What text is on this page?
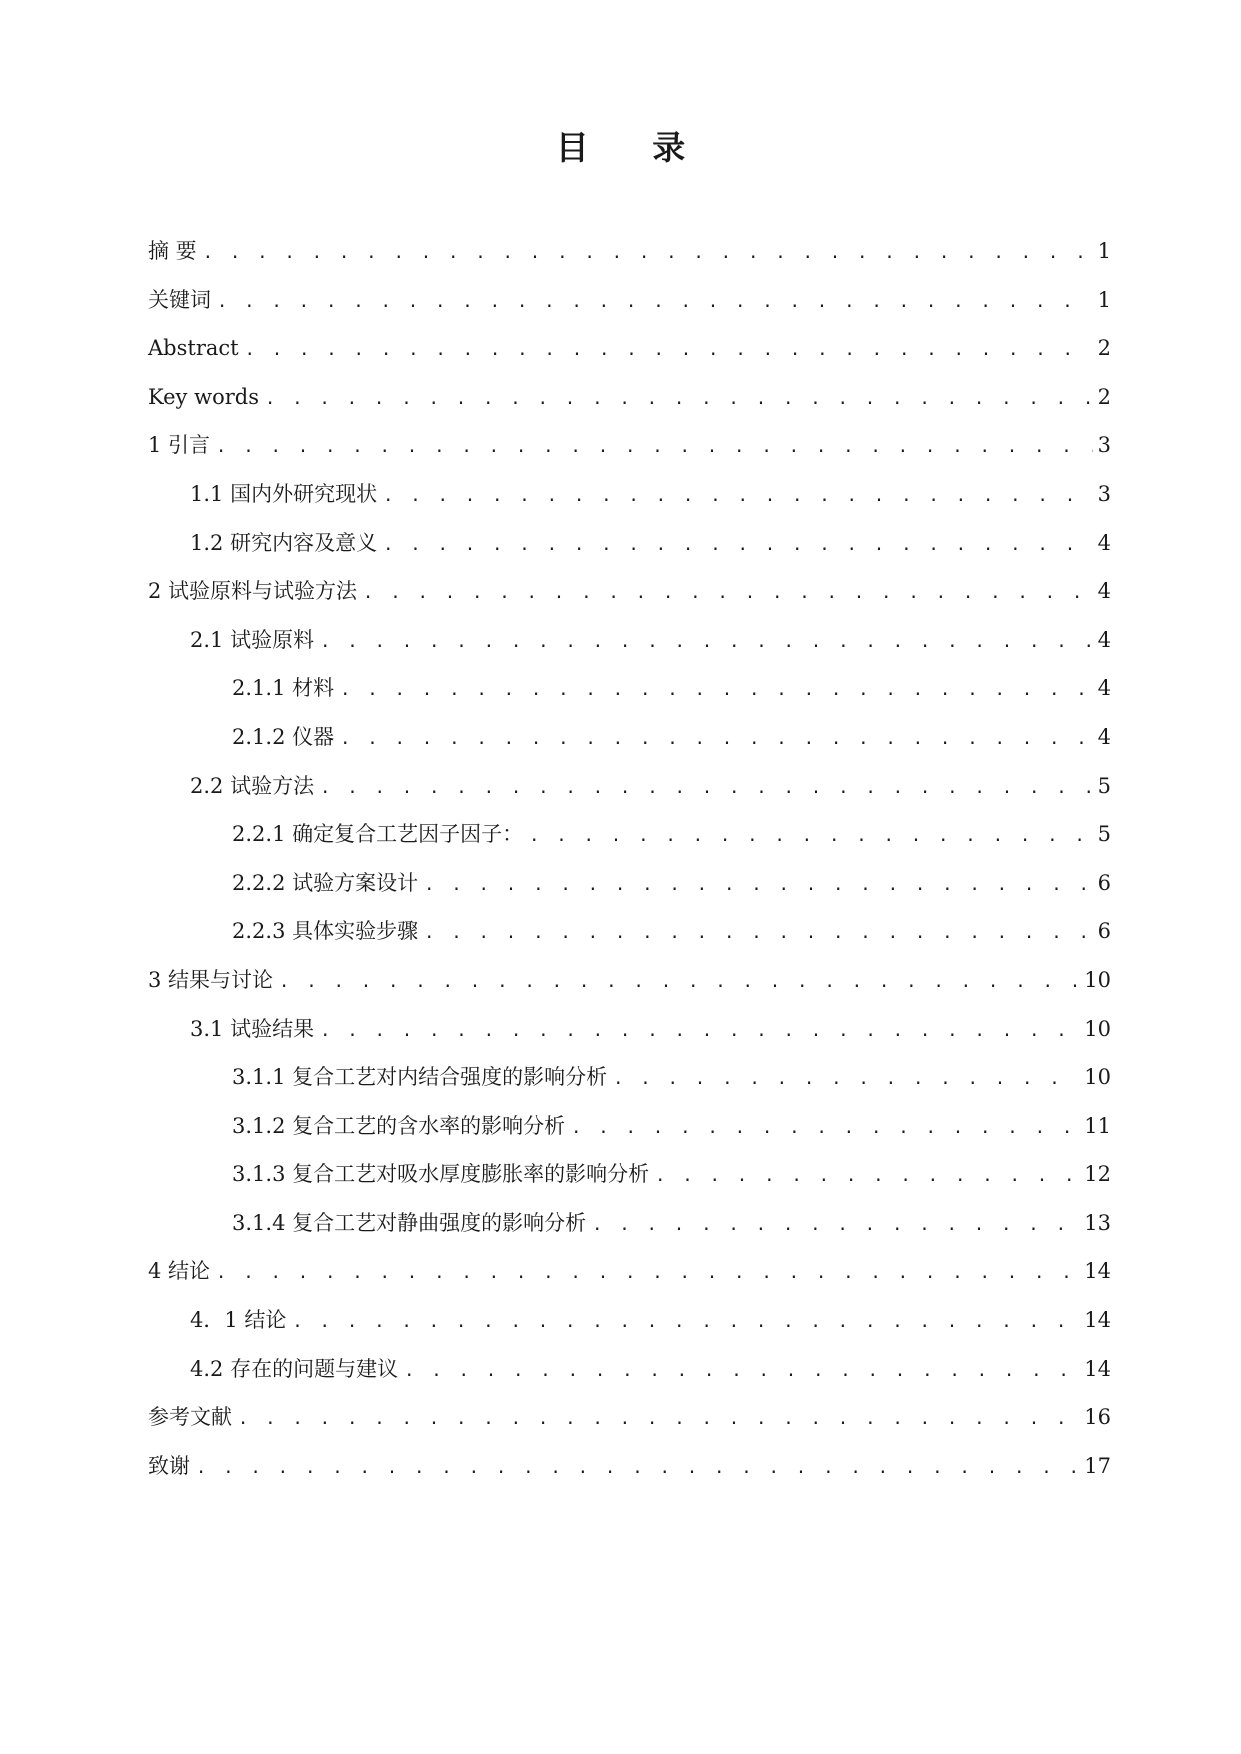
目 录
摘 要 . . .	1
关键词 . . .	1
Abstract . . .	2
Key words . . .	2
1 引言 . . .	3
1.1 国内外研究现状 . . .	3
1.2 研究内容及意义 . . .	4
2 试验原料与试验方法 . . .	4
2.1 试验原料 . . .	4
2.1.1 材料 . . .	4
2.1.2 仪器 . . .	4
2.2 试验方法 . . .	5
2.2.1 确定复合工艺因子因子： . . .	5
2.2.2 试验方案设计 . . .	6
2.2.3 具体实验步骤 . . .	6
3 结果与讨论 . . .	10
3.1 试验结果 . . .	10
3.1.1 复合工艺对内结合强度的影响分析 . . .	10
3.1.2 复合工艺的含水率的影响分析 . . .	11
3.1.3 复合工艺对吸水厚度膨胀率的影响分析 . . .	12
3.1.4 复合工艺对静曲强度的影响分析 . . .	13
4 结论 . . .	14
4．1 结论 . . .	14
4.2 存在的问题与建议 . . .	14
参考文献 . . .	16
致谢 . . .	17
